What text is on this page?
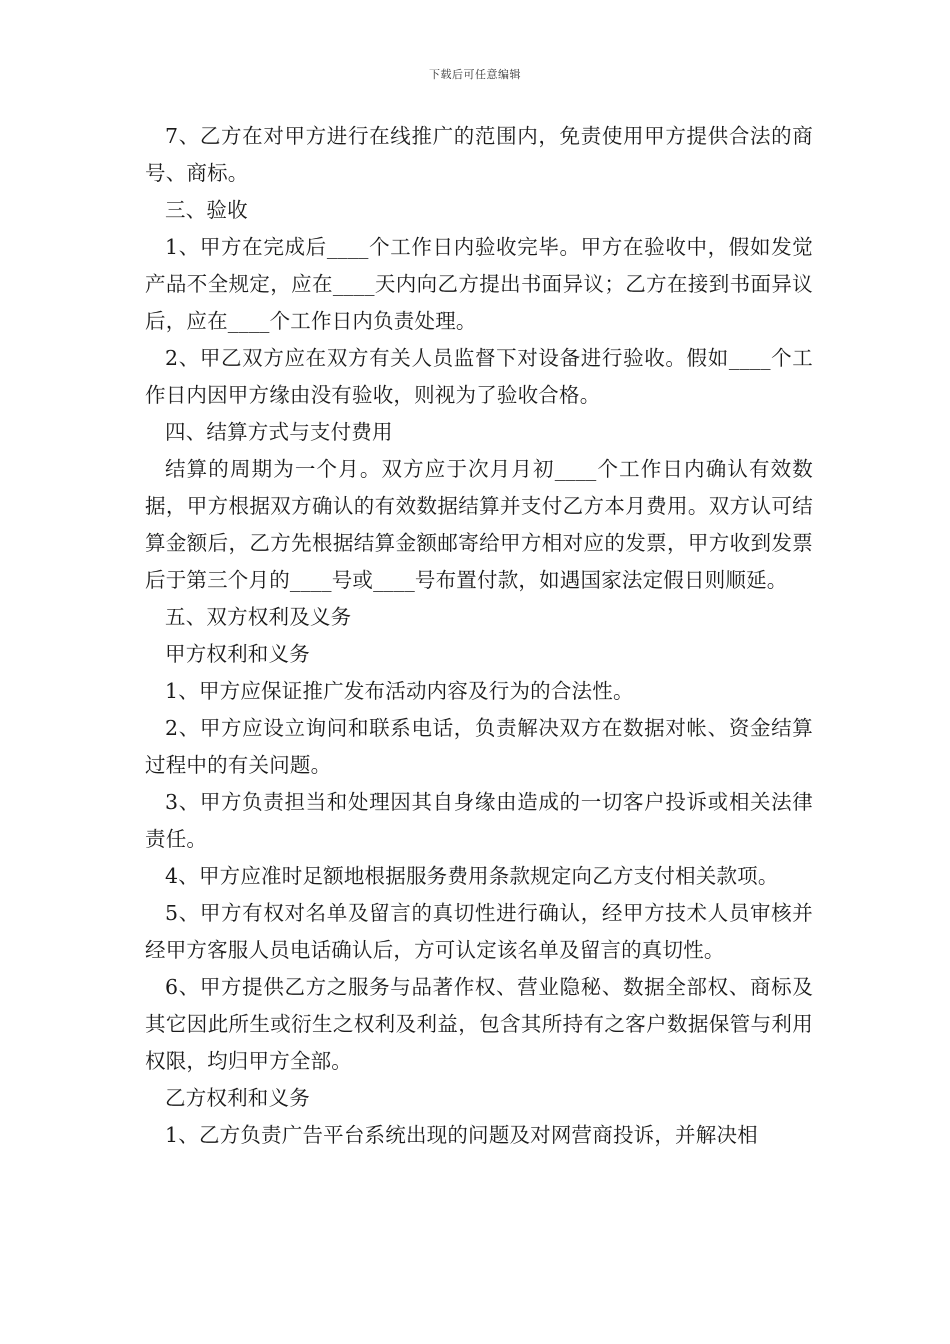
下载后可任意编辑

7、乙方在对甲方进行在线推广的范围内，免责使用甲方提供合法的商号、商标。

三、验收

1、甲方在完成后____个工作日内验收完毕。甲方在验收中，假如发觉产品不全规定，应在____天内向乙方提出书面异议；乙方在接到书面异议后，应在____个工作日内负责处理。

2、甲乙双方应在双方有关人员监督下对设备进行验收。假如____个工作日内因甲方缘由没有验收，则视为了验收合格。

四、结算方式与支付费用

结算的周期为一个月。双方应于次月月初____个工作日内确认有效数据，甲方根据双方确认的有效数据结算并支付乙方本月费用。双方认可结算金额后，乙方先根据结算金额邮寄给甲方相对应的发票，甲方收到发票后于第三个月的____号或____号布置付款，如遇国家法定假日则顺延。

五、双方权利及义务

甲方权利和义务

1、甲方应保证推广发布活动内容及行为的合法性。

2、甲方应设立询问和联系电话，负责解决双方在数据对帐、资金结算过程中的有关问题。

3、甲方负责担当和处理因其自身缘由造成的一切客户投诉或相关法律责任。

4、甲方应准时足额地根据服务费用条款规定向乙方支付相关款项。

5、甲方有权对名单及留言的真切性进行确认，经甲方技术人员审核并经甲方客服人员电话确认后，方可认定该名单及留言的真切性。

6、甲方提供乙方之服务与品著作权、营业隐秘、数据全部权、商标及其它因此所生或衍生之权利及利益，包含其所持有之客户数据保管与利用权限，均归甲方全部。

乙方权利和义务

1、乙方负责广告平台系统出现的问题及对网营商投诉，并解决相
